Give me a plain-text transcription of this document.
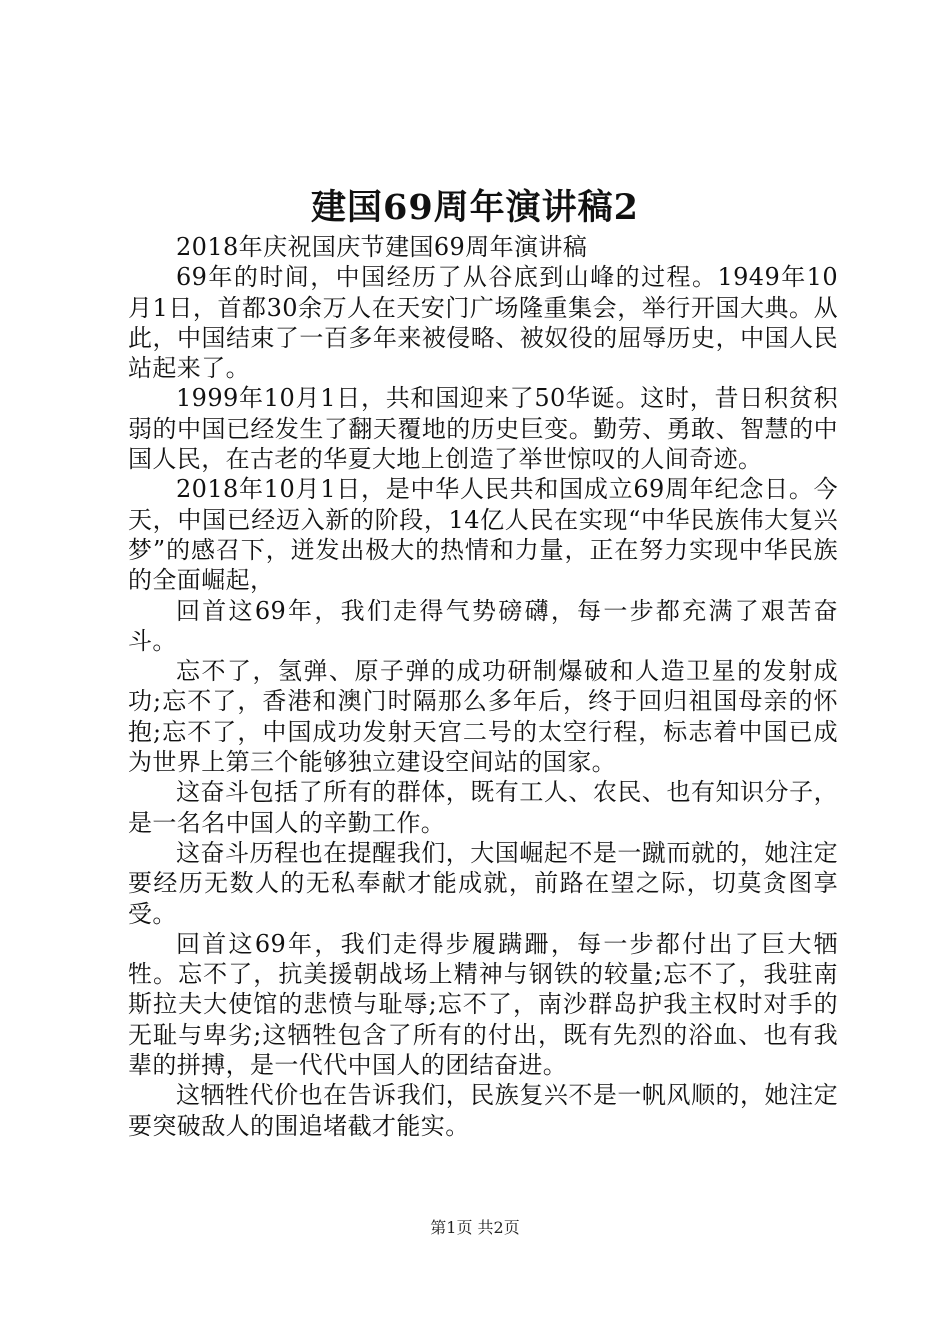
建国69周年演讲稿2

2018年庆祝国庆节建国69周年演讲稿

69年的时间，中国经历了从谷底到山峰的过程。1949年10月1日，首都30余万人在天安门广场隆重集会，举行开国大典。从此，中国结束了一百多年来被侵略、被奴役的屈辱历史，中国人民站起来了。

1999年10月1日，共和国迎来了50华诞。这时，昔日积贫积弱的中国已经发生了翻天覆地的历史巨变。勤劳、勇敢、智慧的中国人民，在古老的华夏大地上创造了举世惊叹的人间奇迹。

2018年10月1日，是中华人民共和国成立69周年纪念日。今天，中国已经迈入新的阶段，14亿人民在实现“中华民族伟大复兴梦”的感召下，迸发出极大的热情和力量，正在努力实现中华民族的全面崛起，

回首这69年，我们走得气势磅礴，每一步都充满了艰苦奋斗。

忘不了，氢弹、原子弹的成功研制爆破和人造卫星的发射成功;忘不了，香港和澳门时隔那么多年后，终于回归祖国母亲的怀抱;忘不了，中国成功发射天宫二号的太空行程，标志着中国已成为世界上第三个能够独立建设空间站的国家。

这奋斗包括了所有的群体，既有工人、农民、也有知识分子，是一名名中国人的辛勤工作。

这奋斗历程也在提醒我们，大国崛起不是一蹴而就的，她注定要经历无数人的无私奉献才能成就，前路在望之际，切莫贪图享受。

回首这69年，我们走得步履蹒跚，每一步都付出了巨大牺牲。忘不了，抗美援朝战场上精神与钢铁的较量;忘不了，我驻南斯拉夫大使馆的悲愤与耻辱;忘不了，南沙群岛护我主权时对手的无耻与卑劣;这牺牲包含了所有的付出，既有先烈的浴血、也有我辈的拼搏，是一代代中国人的团结奋进。

这牺牲代价也在告诉我们，民族复兴不是一帆风顺的，她注定要突破敌人的围追堵截才能实。

第1页 共2页
